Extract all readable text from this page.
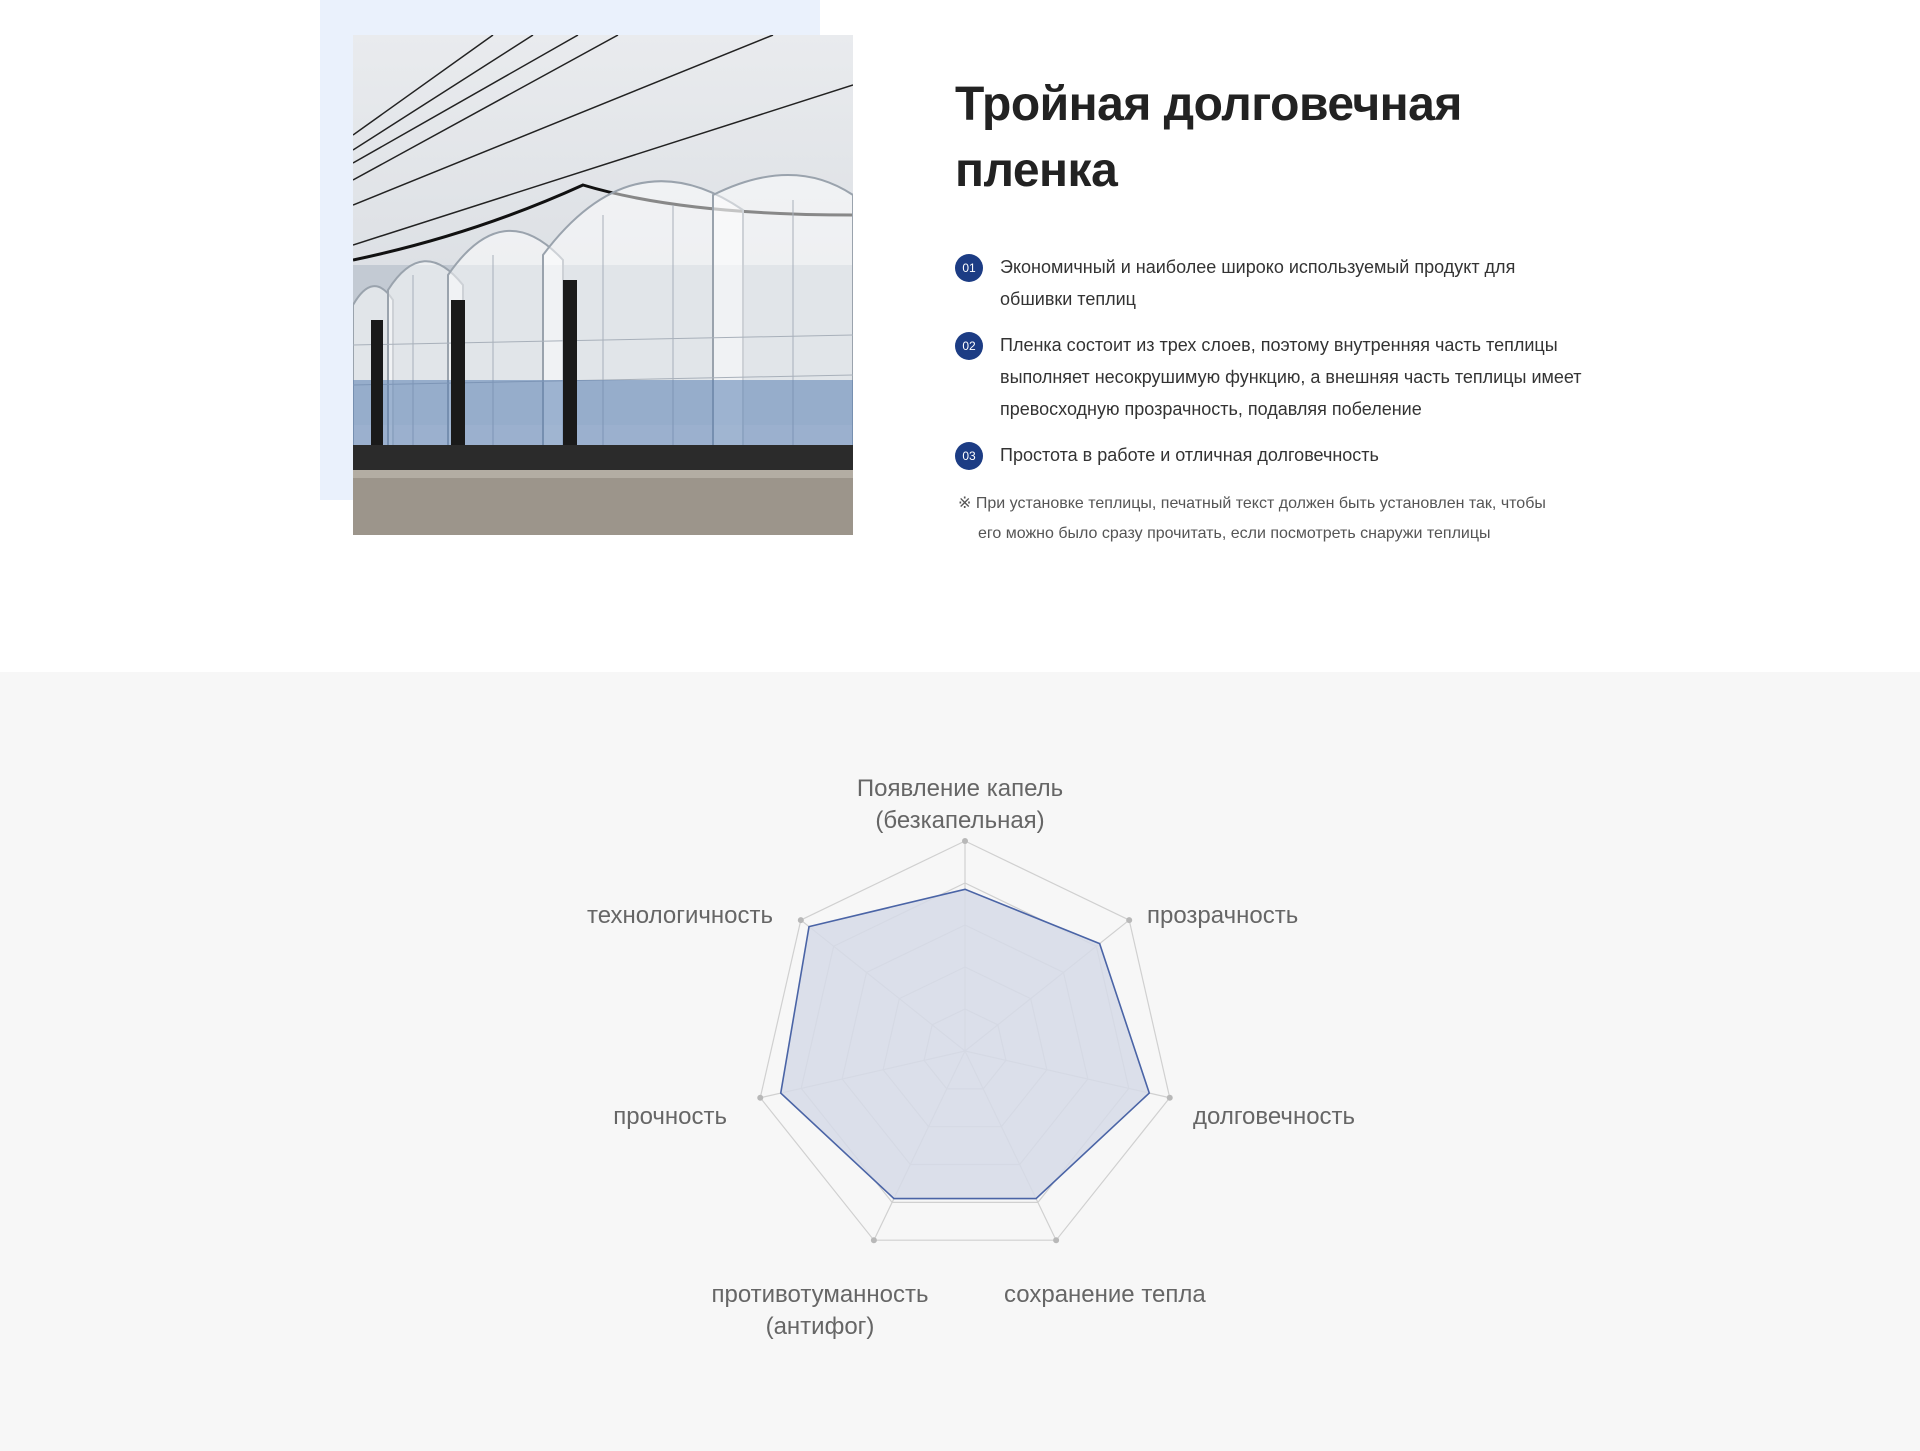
Тройная долговечная
пленка
01	Экономичный и наиболее широко используемый продукт для
обшивки теплиц
02	Пленка состоит из трех слоев, поэтому внутренняя часть теплицы
выполняет несокрушимую функцию, а внешняя часть теплицы имеет
превосходную прозрачность, подавляя побеление
03	Простота в работе и отличная долговечность

※ При установке теплицы, печатный текст должен быть установлен так, чтобы
его можно было сразу прочитать, если посмотреть снаружи теплицы

Появление капель
(безкапельная)
прозрачность
долговечность
сохранение тепла
противотуманность
(антифог)
прочность
технологичность
